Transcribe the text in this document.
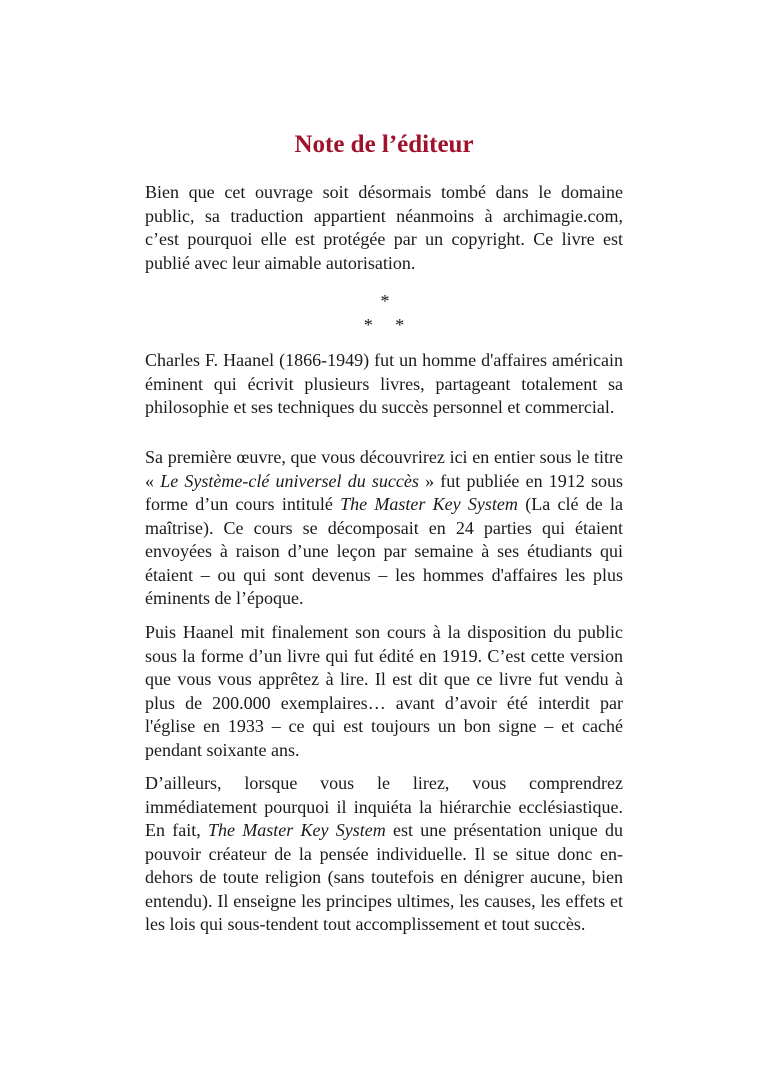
Note de l’éditeur

Bien que cet ouvrage soit désormais tombé dans le domaine public, sa traduction appartient néanmoins à archimagie.com, c’est pourquoi elle est protégée par un copyright. Ce livre est publié avec leur aimable autorisation.

*
* *

Charles F. Haanel (1866-1949) fut un homme d'affaires américain éminent qui écrivit plusieurs livres, partageant totalement sa philosophie et ses techniques du succès personnel et commercial.

Sa première œuvre, que vous découvrirez ici en entier sous le titre « Le Système-clé universel du succès » fut publiée en 1912 sous forme d’un cours intitulé The Master Key System (La clé de la maîtrise). Ce cours se décomposait en 24 parties qui étaient envoyées à raison d’une leçon par semaine à ses étudiants qui étaient – ou qui sont devenus – les hommes d'affaires les plus éminents de l’époque.

Puis Haanel mit finalement son cours à la disposition du public sous la forme d’un livre qui fut édité en 1919. C’est cette version que vous vous apprêtez à lire. Il est dit que ce livre fut vendu à plus de 200.000 exemplaires… avant d’avoir été interdit par l'église en 1933 – ce qui est toujours un bon signe – et caché pendant soixante ans.

D’ailleurs, lorsque vous le lirez, vous comprendrez immédiatement pourquoi il inquiéta la hiérarchie ecclésiastique. En fait, The Master Key System est une présentation unique du pouvoir créateur de la pensée individuelle. Il se situe donc en-dehors de toute religion (sans toutefois en dénigrer aucune, bien entendu). Il enseigne les principes ultimes, les causes, les effets et les lois qui sous-tendent tout accomplissement et tout succès.
